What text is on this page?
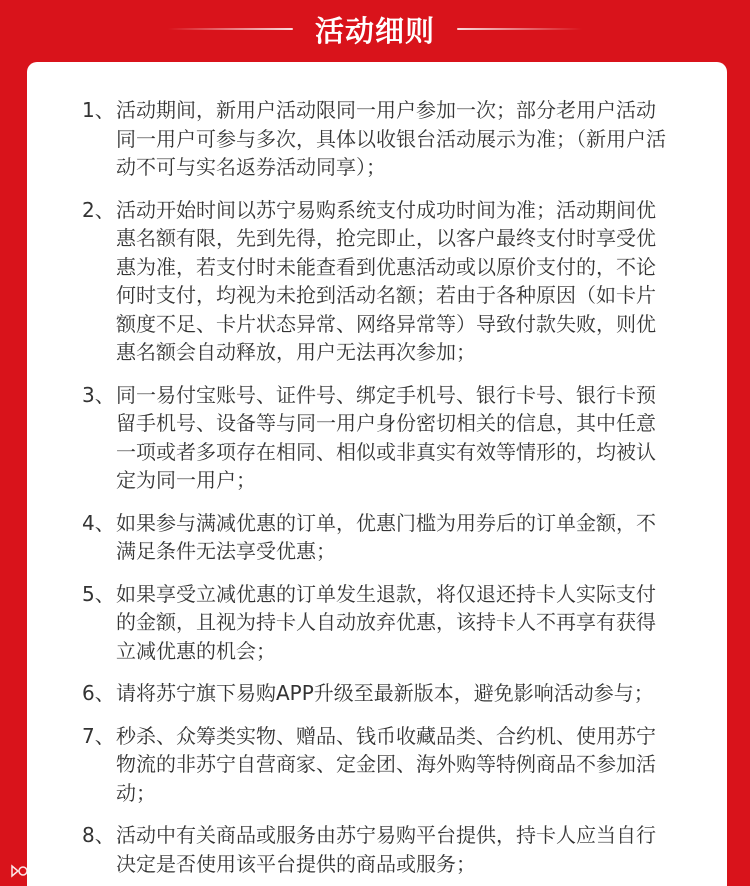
活动细则
1、 活动期间，新用户活动限同一用户参加一次；部分老用户活动同一用户可参与多次，具体以收银台活动展示为准；（新用户活动不可与实名返券活动同享）；
2、 活动开始时间以苏宁易购系统支付成功时间为准；活动期间优惠名额有限，先到先得，抢完即止，以客户最终支付时享受优惠为准，若支付时未能查看到优惠活动或以原价支付的，不论何时支付，均视为未抢到活动名额；若由于各种原因（如卡片额度不足、卡片状态异常、网络异常等）导致付款失败，则优惠名额会自动释放，用户无法再次参加；
3、 同一易付宝账号、证件号、绑定手机号、银行卡号、银行卡预留手机号、设备等与同一用户身份密切相关的信息，其中任意一项或者多项存在相同、相似或非真实有效等情形的，均被认定为同一用户；
4、 如果参与满减优惠的订单，优惠门槛为用券后的订单金额，不满足条件无法享受优惠；
5、 如果享受立减优惠的订单发生退款，将仅退还持卡人实际支付的金额，且视为持卡人自动放弃优惠，该持卡人不再享有获得立减优惠的机会；
6、 请将苏宁旗下易购APP升级至最新版本，避免影响活动参与；
7、 秒杀、众筹类实物、赠品、钱币收藏品类、合约机、使用苏宁物流的非苏宁自营商家、定金团、海外购等特例商品不参加活动；
8、 活动中有关商品或服务由苏宁易购平台提供，持卡人应当自行决定是否使用该平台提供的商品或服务；
大数跨境
